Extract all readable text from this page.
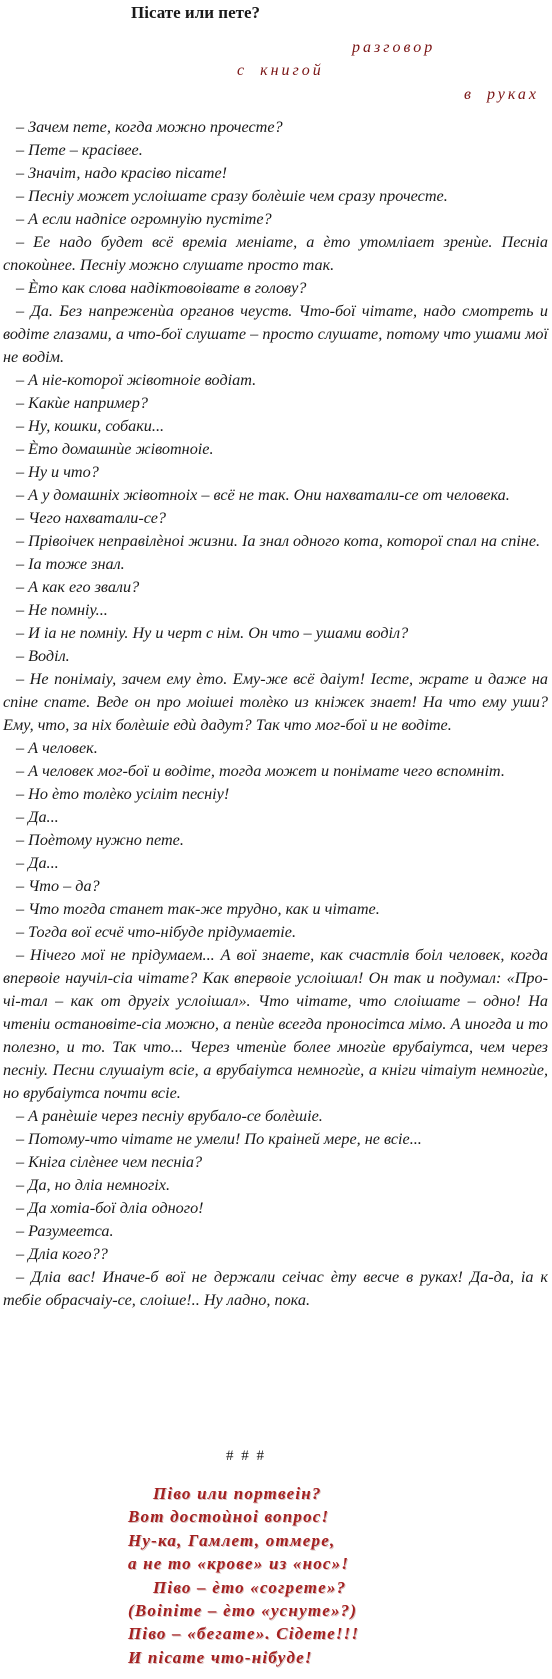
Пісате или пете?
разговор
с книгой
в руках

– Зачем пете, когда можно прочесте?

– Пете – красівее.

– Значіт, надо красіво пісате!

– Песніу может услоішате сразу болѐшіе чем сразу прочесте.

– А если надпісе огромнуію пустіте?

– Ее надо будет всё времіа меніате, а ѐто утомліает зренѝе. Песніа спокоѝнее. Песніу можно слушате просто так.

– Ѐто как слова надіктовоівате в голову?

– Да. Без напреженѝа органов чеуств. Что-бої чітате, надо смотреть и водіте глазами, а что-бої слушате – просто слушате, потому что ушами мої не водім.

– А ніе-которої жівотноіе водіат.

– Какѝе например?

– Ну, кошки, собаки...

– Ѐто домашнѝе жівотноіе.

– Ну и что?

– А у домашніх жівотноіх – всё не так. Они нахватали-се от человека.

– Чего нахватали-се?

– Прівоічек неправілѐноі жизни. Іа знал одного кота, которої спал на спіне.

– Іа тоже знал.

– А как его звали?

– Не помніу...

– И іа не помніу. Ну и черт с нім. Он что – ушами воділ?

– Воділ.

– Не понімаіу, зачем ему ѐто. Ему-же всё даіут! Іесте, жрате и даже на спіне спате. Веде он про моішеі толѐко из кніжек знает! На что ему уши? Ему, что, за ніх болѐшіе едѝ дадут? Так что мог-бої и не водіте.

– А человек.

– А человек мог-бої и водіте, тогда может и понімате чего вспомніт.

– Но ѐто толѐко усіліт песніу!

– Да...

– Поѐтому нужно пете.

– Да...

– Что – да?

– Что тогда станет так-же трудно, как и чітате.

– Тогда вої есчё что-нібуде прідумаетіе.

– Нічего мої не прідумаем... А вої знаете, как счастлів боіл человек, когда впервоіе научіл-сіа чітате? Как впервоіе услоішал! Он так и подумал: «Про-чі-тал – как от другіх услоішал». Что чітате, что слоішате – одно! На чтеніи остановіте-сіа можно, а пенѝе всегда проносітса мімо. А иногда и то полезно, и то. Так что... Через чтенѝе более многѝе врубаіутса, чем через песніу. Песни слушаіут всіе, а врубаіутса немногѝе, а кніги чітаіут немногѝе, но врубаіутса почти всіе.

– А ранѐшіе через песніу врубало-се болѐшіе.

– Потому-что чітате не умели! По краіней мере, не всіе...

– Кніга сілѐнее чем песніа?

– Да, но дліа немногіх.

– Да хотіа-бої дліа одного!

– Разумеетса.

– Дліа кого??

– Дліа вас! Иначе-б вої не держали сеічас ѐту весче в руках! Да-да, іа к тебіе обрасчаіу-се, слоіше!.. Ну ладно, пока.

# # #
Піво или портвеін?
Вот достоѝноі вопрос!
Ну-ка, Гамлет, отмере,
а не то «кровe» из «нос»!
Піво – ѐто «согретe»?
(Воіпіте – ѐто «уснутe»?)
Піво – «бегатe». Сідете!!!
И пісате что-нібуде!
